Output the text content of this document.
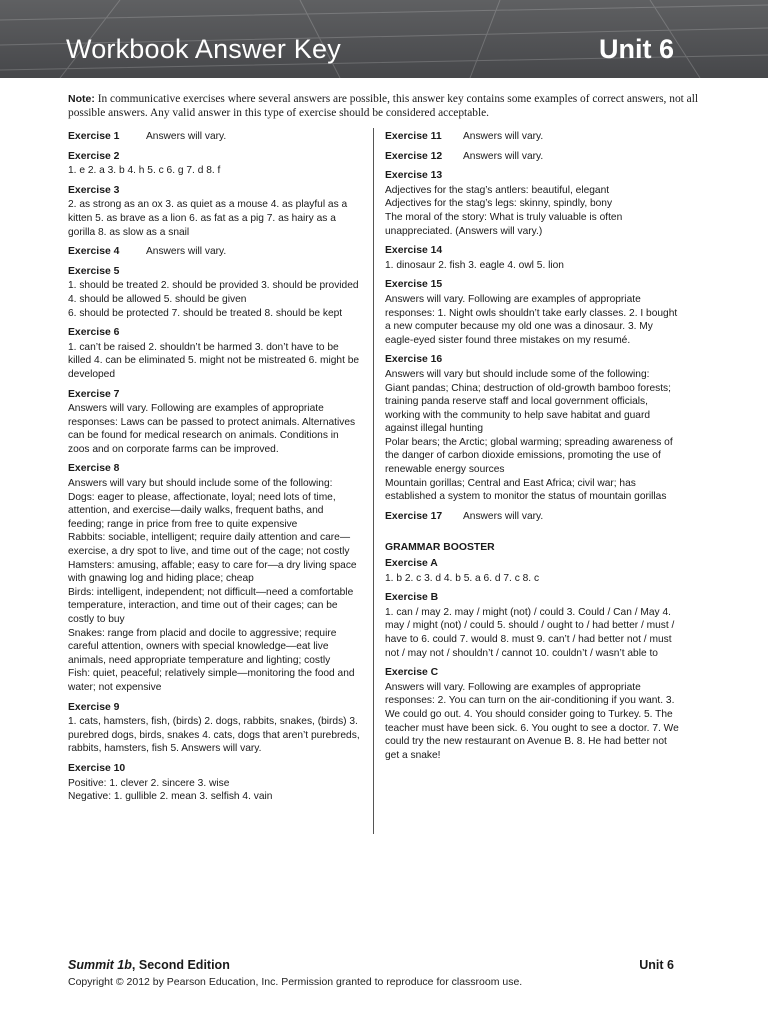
Workbook Answer Key	Unit 6
Note: In communicative exercises where several answers are possible, this answer key contains some examples of correct answers, not all possible answers. Any valid answer in this type of exercise should be considered acceptable.
Exercise 1	Answers will vary.
Exercise 2

1. e 2. a 3. b 4. h 5. c 6. g 7. d 8. f

Exercise 3

2. as strong as an ox 3. as quiet as a mouse 4. as playful as a kitten 5. as brave as a lion 6. as fat as a pig 7. as hairy as a gorilla 8. as slow as a snail

Exercise 4	Answers will vary.
Exercise 5

1. should be treated 2. should be provided 3. should be provided 4. should be allowed 5. should be given

6. should be protected 7. should be treated 8. should be kept

Exercise 6

1. can’t be raised 2. shouldn’t be harmed 3. don’t have to be killed 4. can be eliminated 5. might not be mistreated 6. might be developed

Exercise 7

Answers will vary. Following are examples of appropriate responses: Laws can be passed to protect animals. Alternatives can be found for medical research on animals. Conditions in zoos and on corporate farms can be improved.

Exercise 8

Answers will vary but should include some of the following:

Dogs: eager to please, affectionate, loyal; need lots of time, attention, and exercise—daily walks, frequent baths, and feeding; range in price from free to quite expensive

Rabbits: sociable, intelligent; require daily attention and care—exercise, a dry spot to live, and time out of the cage; not costly

Hamsters: amusing, affable; easy to care for—a dry living space with gnawing log and hiding place; cheap

Birds: intelligent, independent; not difficult—need a comfortable temperature, interaction, and time out of their cages; can be costly to buy

Snakes: range from placid and docile to aggressive; require careful attention, owners with special knowledge—eat live animals, need appropriate temperature and lighting; costly

Fish: quiet, peaceful; relatively simple—monitoring the food and water; not expensive

Exercise 9

1. cats, hamsters, fish, (birds) 2. dogs, rabbits, snakes, (birds) 3. purebred dogs, birds, snakes 4. cats, dogs that aren’t purebreds, rabbits, hamsters, fish 5. Answers will vary.

Exercise 10

Positive: 1. clever 2. sincere 3. wise

Negative: 1. gullible 2. mean 3. selfish 4. vain

Exercise 11	Answers will vary.
Exercise 12	Answers will vary.
Exercise 13

Adjectives for the stag’s antlers: beautiful, elegant

Adjectives for the stag’s legs: skinny, spindly, bony

The moral of the story: What is truly valuable is often unappreciated. (Answers will vary.)

Exercise 14

1. dinosaur 2. fish 3. eagle 4. owl 5. lion

Exercise 15

Answers will vary. Following are examples of appropriate responses: 1. Night owls shouldn’t take early classes. 2. I bought a new computer because my old one was a dinosaur. 3. My eagle-eyed sister found three mistakes on my resumé.

Exercise 16

Answers will vary but should include some of the following:

Giant pandas; China; destruction of old-growth bamboo forests; training panda reserve staff and local government officials, working with the community to help save habitat and guard against illegal hunting

Polar bears; the Arctic; global warming; spreading awareness of the danger of carbon dioxide emissions, promoting the use of renewable energy sources

Mountain gorillas; Central and East Africa; civil war; has established a system to monitor the status of mountain gorillas

Exercise 17	Answers will vary.
GRAMMAR BOOSTER
Exercise A

1. b 2. c 3. d 4. b 5. a 6. d 7. c 8. c

Exercise B

1. can / may 2. may / might (not) / could 3. Could / Can / May 4. may / might (not) / could 5. should / ought to / had better / must / have to 6. could 7. would 8. must 9. can’t / had better not / must not / may not / shouldn’t / cannot 10. couldn’t / wasn’t able to

Exercise C

Answers will vary. Following are examples of appropriate responses: 2. You can turn on the air-conditioning if you want. 3. We could go out. 4. You should consider going to Turkey. 5. The teacher must have been sick. 6. You ought to see a doctor. 7. We could try the new restaurant on Avenue B. 8. He had better not get a snake!

Summit 1b, Second Edition	Unit 6
Copyright © 2012 by Pearson Education, Inc. Permission granted to reproduce for classroom use.
